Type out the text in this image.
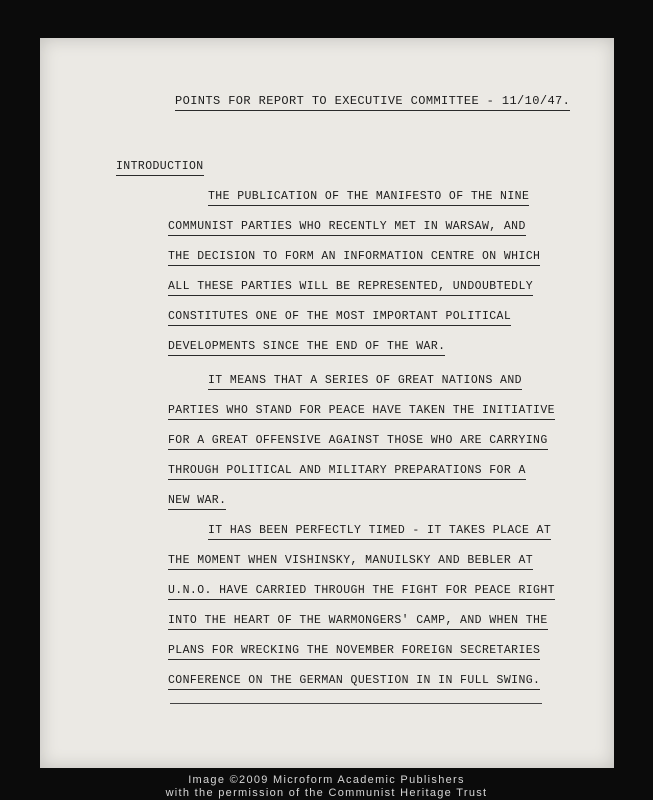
POINTS FOR REPORT TO EXECUTIVE COMMITTEE - 11/10/47.
INTRODUCTION
THE PUBLICATION OF THE MANIFESTO OF THE NINE
COMMUNIST PARTIES WHO RECENTLY MET IN WARSAW, AND
THE DECISION TO FORM AN INFORMATION CENTRE ON WHICH
ALL THESE PARTIES WILL BE REPRESENTED, UNDOUBTEDLY
CONSTITUTES ONE OF THE MOST IMPORTANT POLITICAL
DEVELOPMENTS SINCE THE END OF THE WAR.
IT MEANS THAT A SERIES OF GREAT NATIONS AND
PARTIES WHO STAND FOR PEACE HAVE TAKEN THE INITIATIVE
FOR A GREAT OFFENSIVE AGAINST THOSE WHO ARE CARRYING
THROUGH POLITICAL AND MILITARY PREPARATIONS FOR A
NEW WAR.
IT HAS BEEN PERFECTLY TIMED - IT TAKES PLACE AT
THE MOMENT WHEN VISHINSKY, MANUILSKY AND BEBLER AT
U.N.O. HAVE CARRIED THROUGH THE FIGHT FOR PEACE RIGHT
INTO THE HEART OF THE WARMONGERS' CAMP, AND WHEN THE
PLANS FOR WRECKING THE NOVEMBER FOREIGN SECRETARIES
CONFERENCE ON THE GERMAN QUESTION IN IN FULL SWING.
Image ©2009 Microform Academic Publishers
with the permission of the Communist Heritage Trust
